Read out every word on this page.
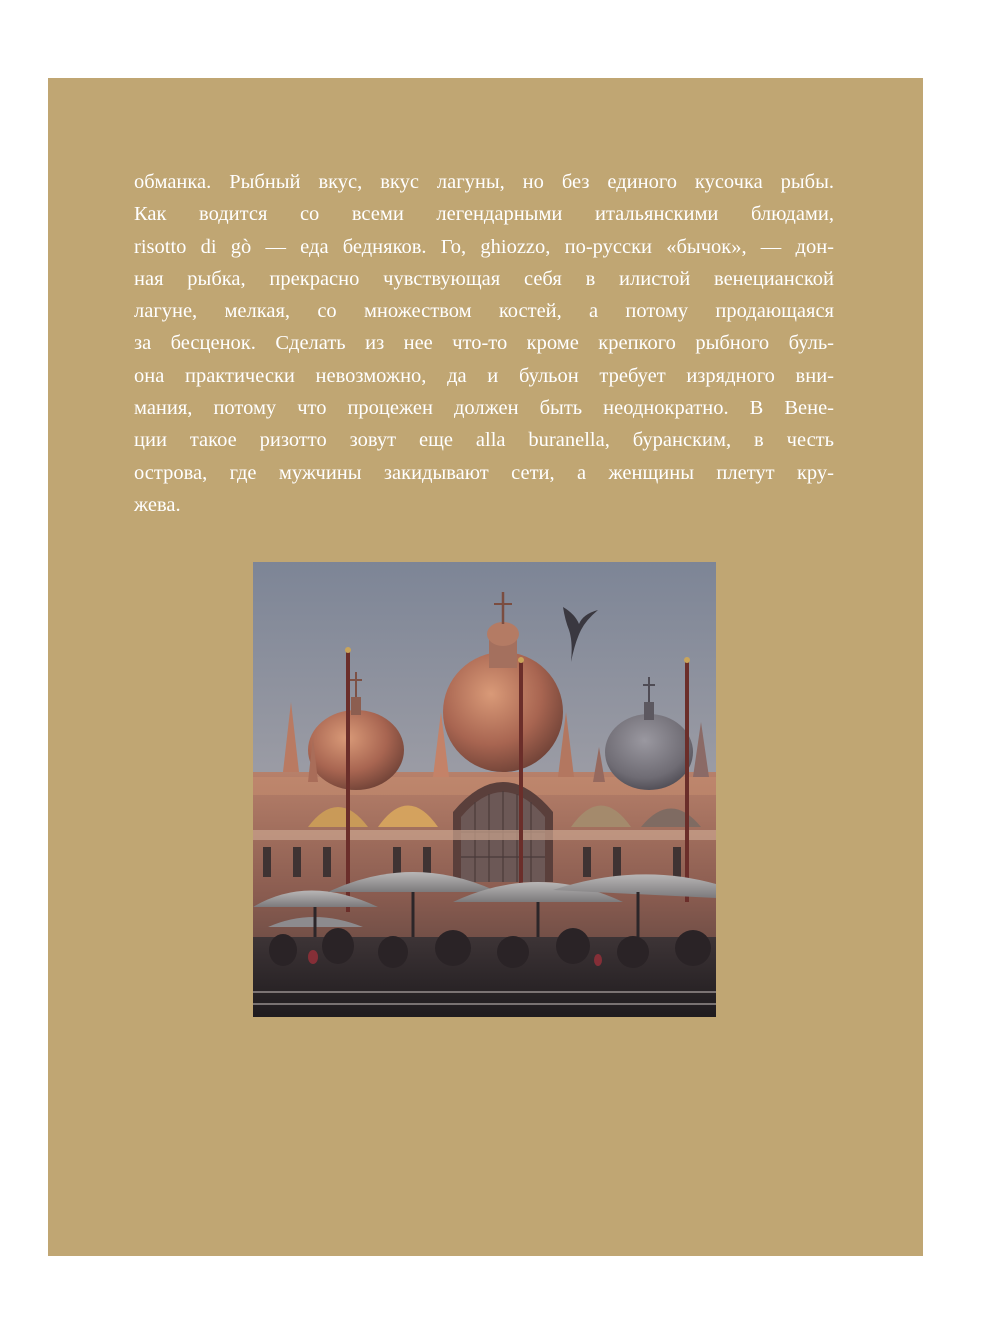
обманка. Рыбный вкус, вкус лагуны, но без единого кусочка рыбы.
Как водится со всеми легендарными итальянскими блюдами,
risotto di gò — еда бедняков. Го, ghiozzo, по-русски «бычок», — дон-
ная рыбка, прекрасно чувствующая себя в илистой венецианской
лагуне, мелкая, со множеством костей, а потому продающаяся
за бесценок. Сделать из нее что-то кроме крепкого рыбного буль-
она практически невозможно, да и бульон требует изрядного вни-
мания, потому что процежен должен быть неоднократно. В Вене-
ции такое ризотто зовут еще alla buranella, буранским, в честь
острова, где мужчины закидывают сети, а женщины плетут кру-
жева.
